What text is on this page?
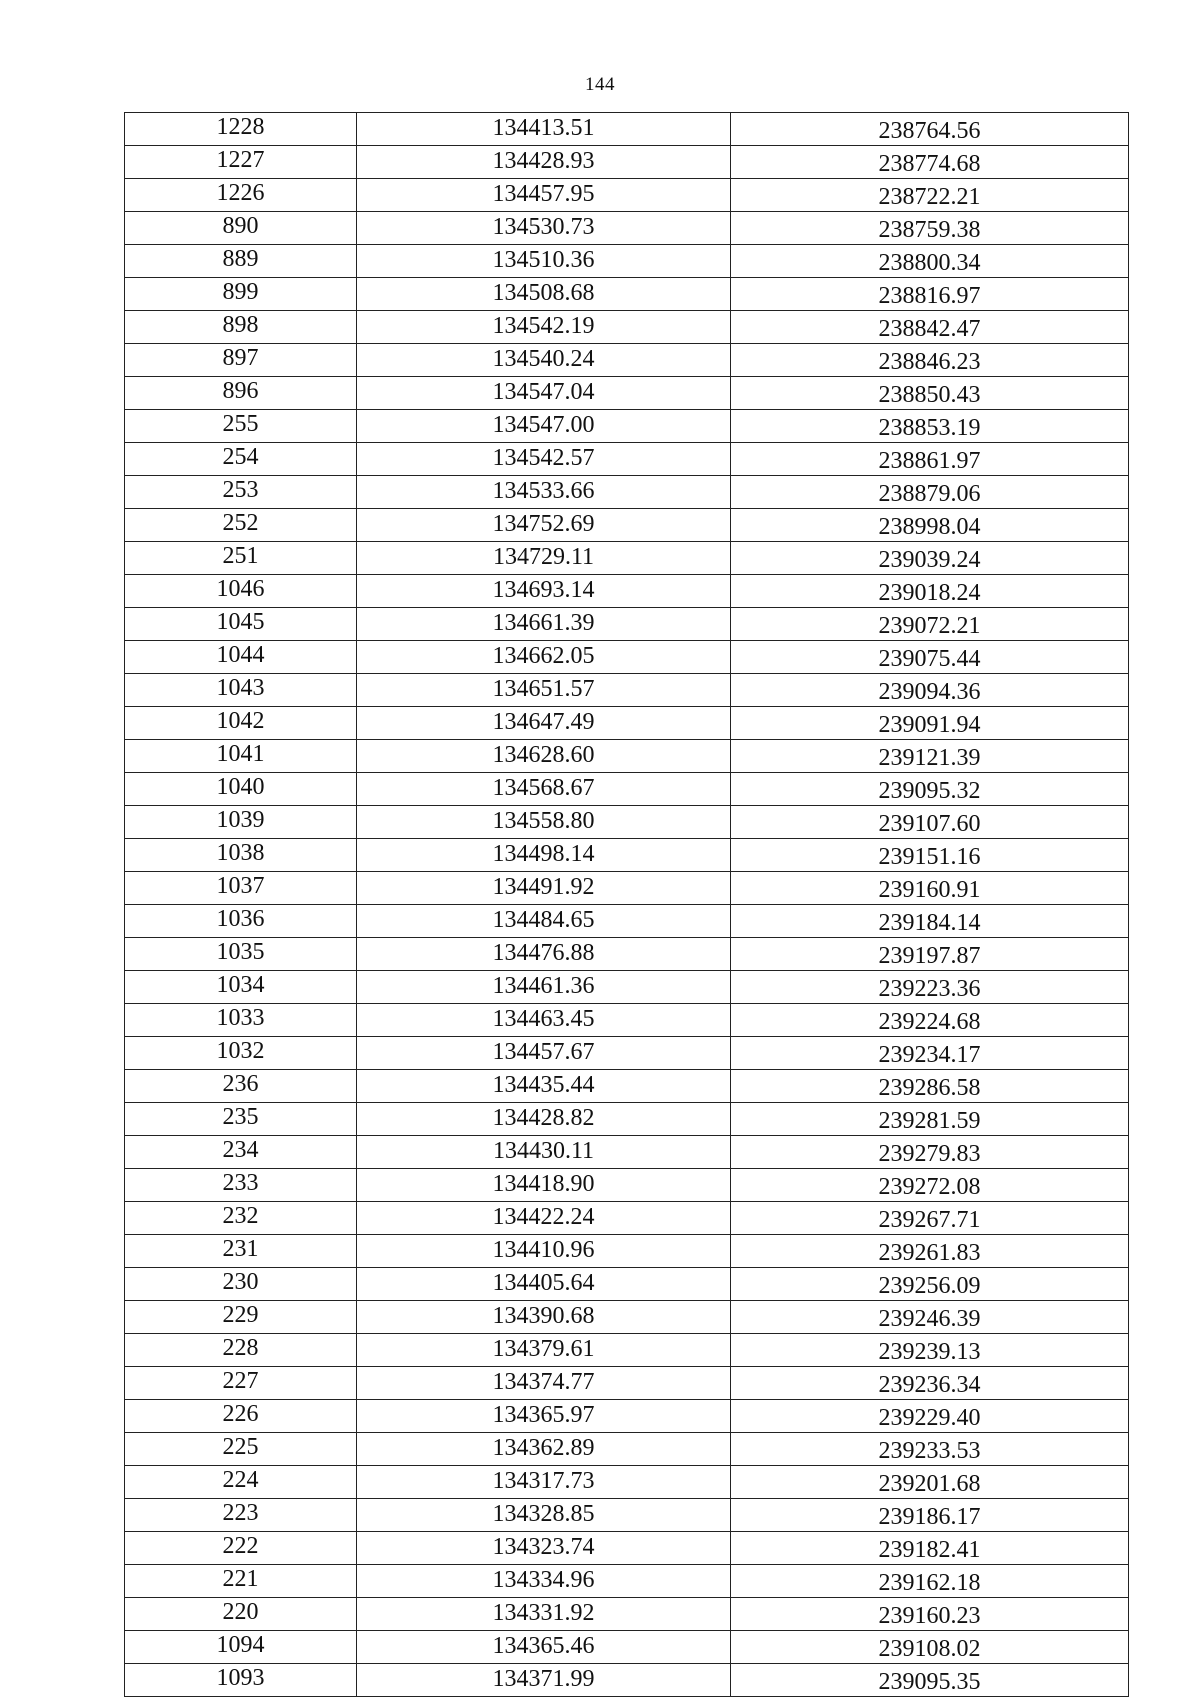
144
1228	134413.51	238764.56
1227	134428.93	238774.68
1226	134457.95	238722.21
890	134530.73	238759.38
889	134510.36	238800.34
899	134508.68	238816.97
898	134542.19	238842.47
897	134540.24	238846.23
896	134547.04	238850.43
255	134547.00	238853.19
254	134542.57	238861.97
253	134533.66	238879.06
252	134752.69	238998.04
251	134729.11	239039.24
1046	134693.14	239018.24
1045	134661.39	239072.21
1044	134662.05	239075.44
1043	134651.57	239094.36
1042	134647.49	239091.94
1041	134628.60	239121.39
1040	134568.67	239095.32
1039	134558.80	239107.60
1038	134498.14	239151.16
1037	134491.92	239160.91
1036	134484.65	239184.14
1035	134476.88	239197.87
1034	134461.36	239223.36
1033	134463.45	239224.68
1032	134457.67	239234.17
236	134435.44	239286.58
235	134428.82	239281.59
234	134430.11	239279.83
233	134418.90	239272.08
232	134422.24	239267.71
231	134410.96	239261.83
230	134405.64	239256.09
229	134390.68	239246.39
228	134379.61	239239.13
227	134374.77	239236.34
226	134365.97	239229.40
225	134362.89	239233.53
224	134317.73	239201.68
223	134328.85	239186.17
222	134323.74	239182.41
221	134334.96	239162.18
220	134331.92	239160.23
1094	134365.46	239108.02
1093	134371.99	239095.35
